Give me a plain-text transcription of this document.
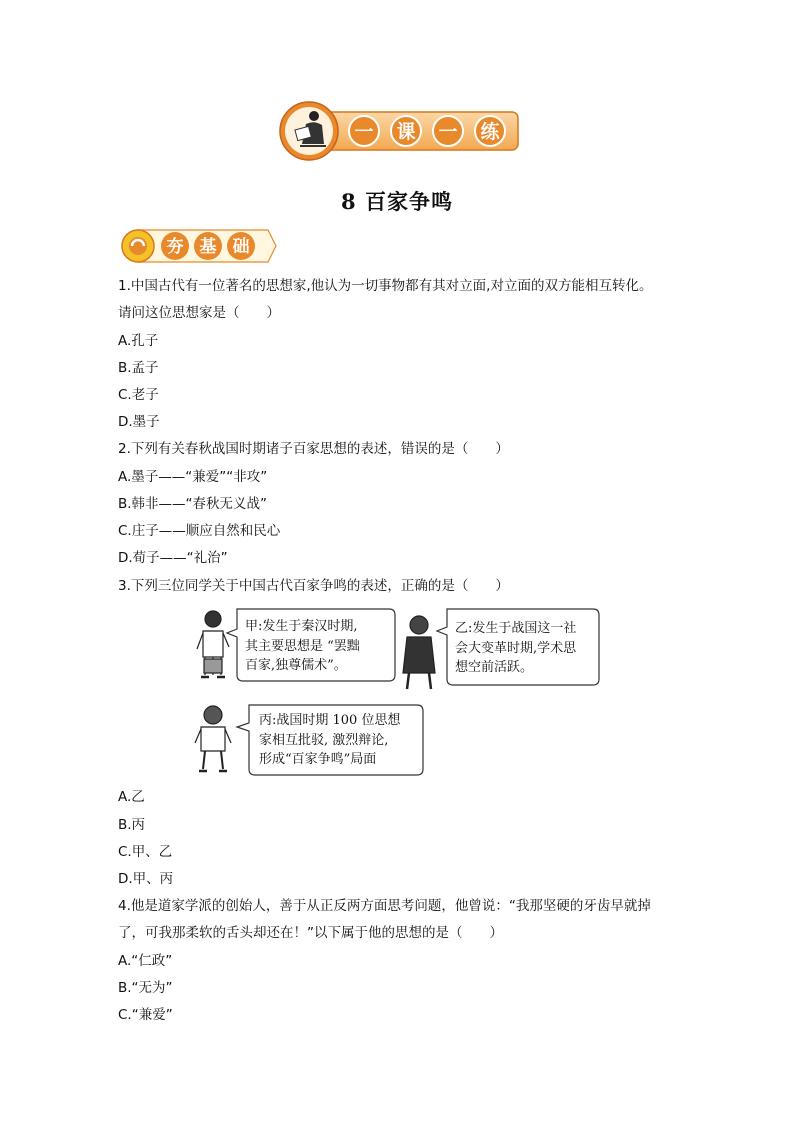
一 课 一 练
8 百家争鸣
夯 基 础
1.中国古代有一位著名的思想家,他认为一切事物都有其对立面,对立面的双方能相互转化。
请问这位思想家是（　　）
A.孔子
B.孟子
C.老子
D.墨子
2.下列有关春秋战国时期诸子百家思想的表述，错误的是（　　）
A.墨子——“兼爱”“非攻”
B.韩非——“春秋无义战”
C.庄子——顺应自然和民心
D.荀子——“礼治”
3.下列三位同学关于中国古代百家争鸣的表述，正确的是（　　）
甲:发生于秦汉时期,
其主要思想是 “罢黜
百家,独尊儒术”。
乙:发生于战国这一社
会大变革时期,学术思
想空前活跃。
丙:战国时期 100 位思想
家相互批驳, 激烈辩论,
形成“百家争鸣”局面
A.乙
B.丙
C.甲、乙
D.甲、丙
4.他是道家学派的创始人，善于从正反两方面思考问题，他曾说：“我那坚硬的牙齿早就掉
了，可我那柔软的舌头却还在！”以下属于他的思想的是（　　）
A.“仁政”
B.“无为”
C.“兼爱”
